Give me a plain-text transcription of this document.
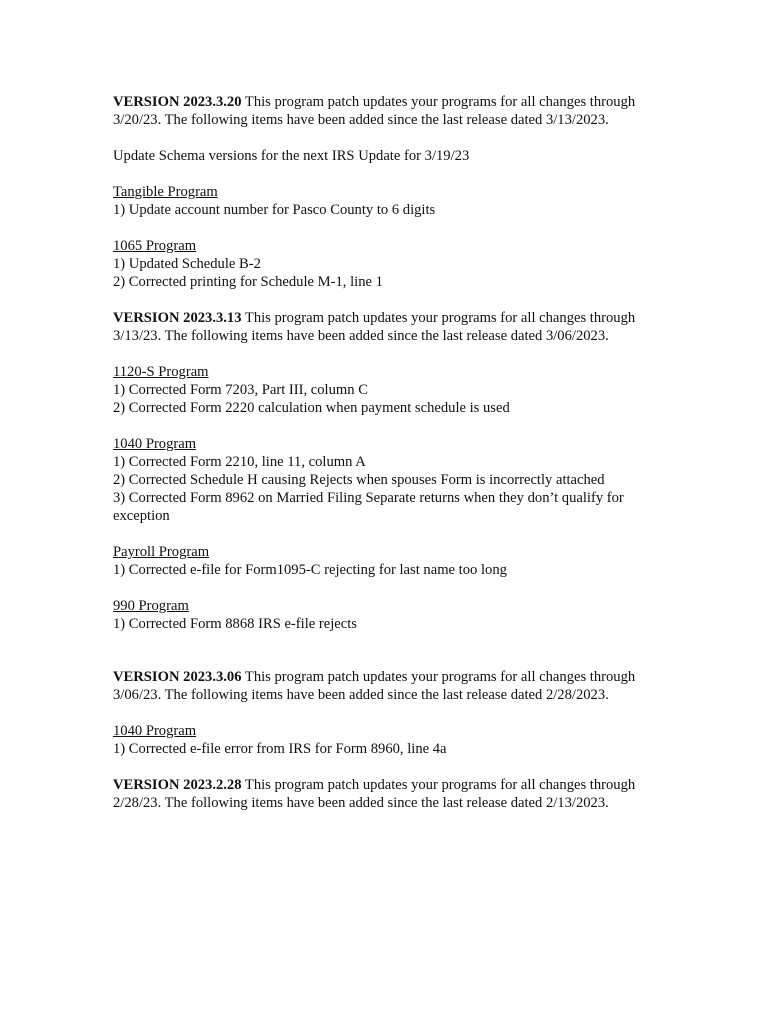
VERSION 2023.3.20 This program patch updates your programs for all changes through
3/20/23. The following items have been added since the last release dated 3/13/2023.
Update Schema versions for the next IRS Update for 3/19/23
Tangible Program
1) Update account number for Pasco County to 6 digits
1065 Program
1) Updated Schedule B-2
2) Corrected printing for Schedule M-1, line 1
VERSION 2023.3.13 This program patch updates your programs for all changes through
3/13/23. The following items have been added since the last release dated 3/06/2023.
1120-S Program
1) Corrected Form 7203, Part III, column C
2) Corrected Form 2220 calculation when payment schedule is used
1040 Program
1) Corrected Form 2210, line 11, column A
2) Corrected Schedule H causing Rejects when spouses Form is incorrectly attached
3) Corrected Form 8962 on Married Filing Separate returns when they don’t qualify for
exception
Payroll Program
1) Corrected e-file for Form1095-C rejecting for last name too long
990 Program
1) Corrected Form 8868 IRS e-file rejects
VERSION 2023.3.06 This program patch updates your programs for all changes through
3/06/23. The following items have been added since the last release dated 2/28/2023.
1040 Program
1) Corrected e-file error from IRS for Form 8960, line 4a
VERSION 2023.2.28 This program patch updates your programs for all changes through
2/28/23. The following items have been added since the last release dated 2/13/2023.
